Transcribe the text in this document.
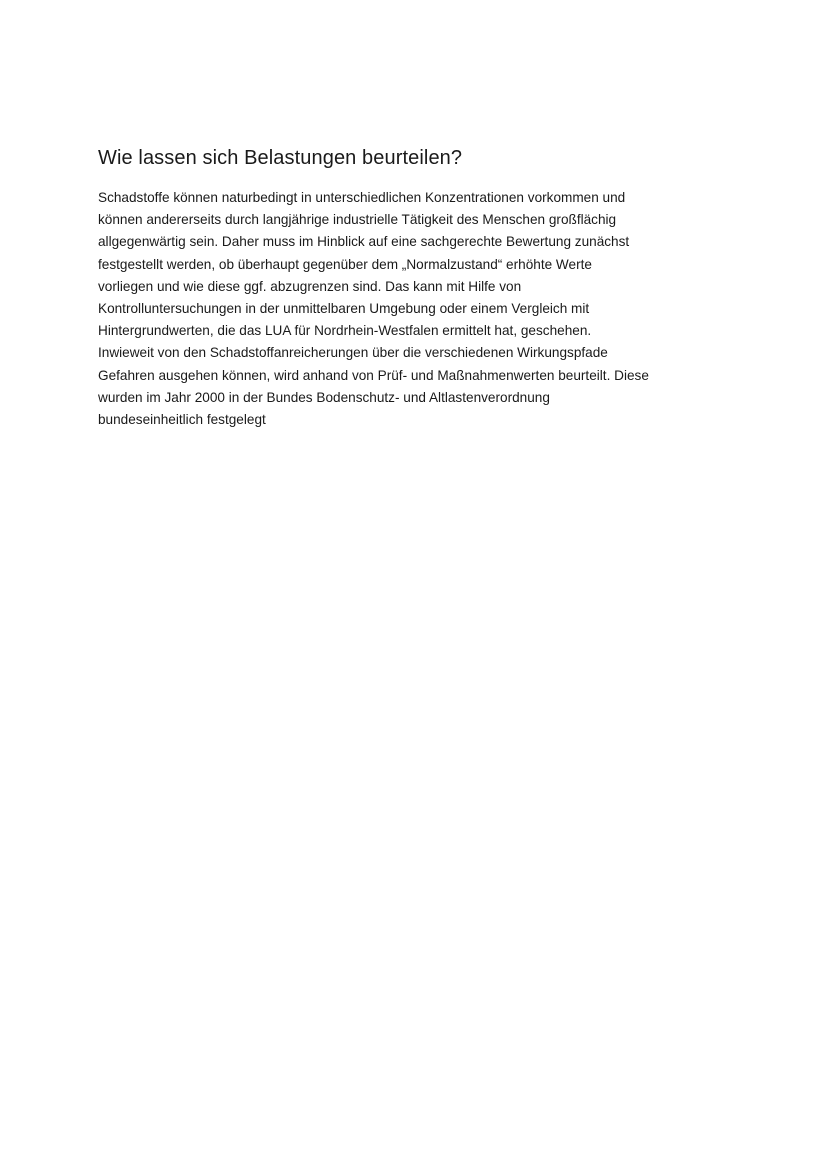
Wie lassen sich Belastungen beurteilen?

Schadstoffe können naturbedingt in unterschiedlichen Konzentrationen vorkommen und
können andererseits durch langjährige industrielle Tätigkeit des Menschen großflächig
allgegenwärtig sein. Daher muss im Hinblick auf eine sachgerechte Bewertung zunächst
festgestellt werden, ob überhaupt gegenüber dem „Normalzustand“ erhöhte Werte
vorliegen und wie diese ggf. abzugrenzen sind. Das kann mit Hilfe von
Kontrolluntersuchungen in der unmittelbaren Umgebung oder einem Vergleich mit
Hintergrundwerten, die das LUA für Nordrhein-Westfalen ermittelt hat, geschehen.
Inwieweit von den Schadstoffanreicherungen über die verschiedenen Wirkungspfade
Gefahren ausgehen können, wird anhand von Prüf- und Maßnahmenwerten beurteilt. Diese
wurden im Jahr 2000 in der Bundes Bodenschutz- und Altlastenverordnung
bundeseinheitlich festgelegt
